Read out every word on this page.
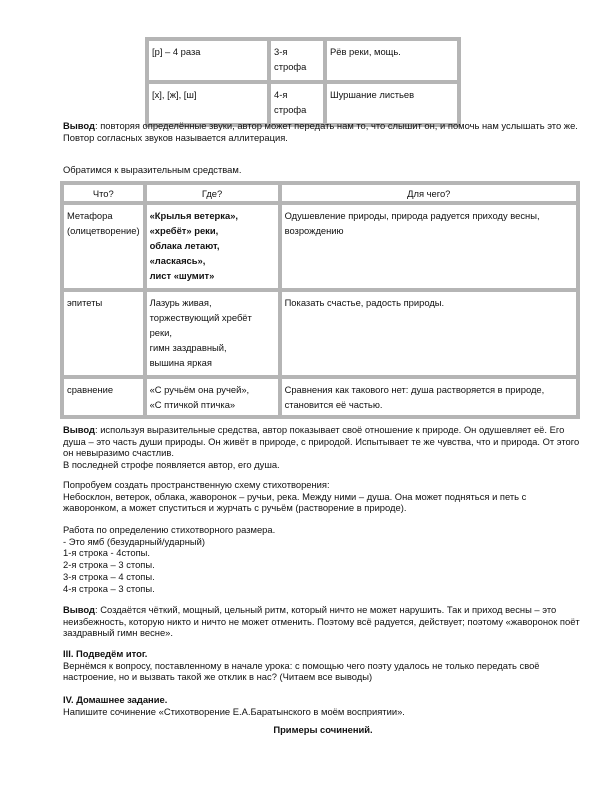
[р] – 4 раза	3-я строфа	Рёв реки, мощь.
[х], [ж], [ш]	4-я строфа	Шуршание листьев

Вывод: повторяя определённые звуки, автор может передать нам то, что слышит он, и помочь нам услышать это же.

Повтор согласных звуков называется аллитерация.

Обратимся к выразительным средствам.
Что?	Где?	Для чего?
Метафора (олицетворение)	«Крылья ветерка»,
«хребёт» реки,
облака летают,
«ласкаясь»,
лист «шумит»	Одушевление природы, природа радуется приходу весны, возрождению
эпитеты	Лазурь живая,
торжествующий хребёт реки,
гимн заздравный,
вышина яркая	Показать счастье, радость природы.
сравнение	«С ручьём она ручей»,
«С птичкой птичка»	Сравнения как такового нет: душа растворяется в природе, становится её частью.

Вывод: используя выразительные средства, автор показывает своё отношение к природе. Он одушевляет её. Его душа – это часть души природы. Он живёт в природе, с природой. Испытывает те же чувства, что и природа. От этого он невыразимо счастлив.

В последней строфе появляется автор, его душа.

Попробуем создать пространственную схему стихотворения:

Небосклон, ветерок, облака, жаворонок – ручьи, река. Между ними – душа. Она может подняться и петь с жаворонком, а может спуститься и журчать с ручьём (растворение в природе).

Работа по определению стихотворного размера.

- Это ямб (безударный/ударный)

1-я строка - 4стопы.

2-я строка – 3 стопы.

3-я строка – 4 стопы.

4-я строка – 3 стопы.

Вывод: Создаётся чёткий, мощный, цельный ритм, который ничто не может нарушить. Так и приход весны – это неизбежность, которую никто и ничто не может отменить. Поэтому всё радуется, действует; поэтому «жаворонок поёт заздравный гимн весне».

III. Подведём итог.

Вернёмся к вопросу, поставленному в начале урока: с помощью чего поэту удалось не только передать своё настроение, но и вызвать такой же отклик в нас? (Читаем все выводы)

IV. Домашнее задание.

Напишите сочинение «Стихотворение Е.А.Баратынского в моём восприятии».

Примеры сочинений.
